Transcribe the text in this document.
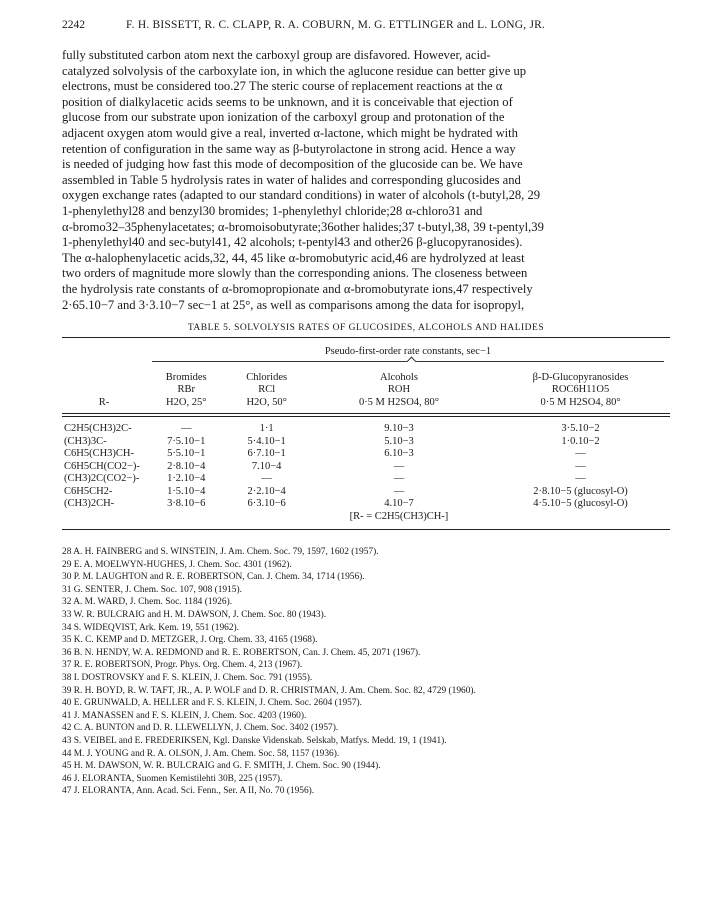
2242	F. H. BISSETT, R. C. CLAPP, R. A. COBURN, M. G. ETTLINGER and L. LONG, JR.

fully substituted carbon atom next the carboxyl group are disfavored. However, acid-

catalyzed solvolysis of the carboxylate ion, in which the aglucone residue can better give up

electrons, must be considered too.27 The steric course of replacement reactions at the α

position of dialkylacetic acids seems to be unknown, and it is conceivable that ejection of

glucose from our substrate upon ionization of the carboxyl group and protonation of the

adjacent oxygen atom would give a real, inverted α-lactone, which might be hydrated with

retention of configuration in the same way as β-butyrolactone in strong acid. Hence a way

is needed of judging how fast this mode of decomposition of the glucoside can be. We have

assembled in Table 5 hydrolysis rates in water of halides and corresponding glucosides and

oxygen exchange rates (adapted to our standard conditions) in water of alcohols (t-butyl,28, 29

1-phenylethyl28 and benzyl30 bromides; 1-phenylethyl chloride;28 α-chloro31 and

α-bromo32–35phenylacetates; α-bromoisobutyrate;36other halides;37 t-butyl,38, 39 t-pentyl,39

1-phenylethyl40 and sec-butyl41, 42 alcohols; t-pentyl43 and other26 β-glucopyranosides).

The α-halophenylacetic acids,32, 44, 45 like α-bromobutyric acid,46 are hydrolyzed at least

two orders of magnitude more slowly than the corresponding anions. The closeness between

the hydrolysis rate constants of α-bromopropionate and α-bromobutyrate ions,47 respectively

2·65.10−7 and 3·3.10−7 sec−1 at 25°, as well as comparisons among the data for isopropyl,

TABLE 5. SOLVOLYSIS RATES OF GLUCOSIDES, ALCOHOLS AND HALIDES

	Pseudo-first-order rate constants, sec−1			

	Bromides	Chlorides	Alcohols	β-D-Glucopyranosides
	RBr	RCl	ROH	ROC6H11O5
R-	H2O, 25°	H2O, 50°	0·5 M H2SO4, 80°	0·5 M H2SO4, 80°

C2H5(CH3)2C-	—	1·1	9.10−3	3·5.10−2
(CH3)3C-	7·5.10−1	5·4.10−1	5.10−3	1·0.10−2
C6H5(CH3)CH-	5·5.10−1	6·7.10−1	6.10−3	—
C6H5CH(CO2−)-	2·8.10−4	7.10−4	—	—
(CH3)2C(CO2−)-	1·2.10−4	—	—	—
C6H5CH2-	1·5.10−4	2·2.10−4	—	2·8.10−5 (glucosyl-O)
(CH3)2CH-	3·8.10−6	6·3.10−6	4.10−7	4·5.10−5 (glucosyl-O)
			[R- = C2H5(CH3)CH-]	

28 A. H. FAINBERG and S. WINSTEIN, J. Am. Chem. Soc. 79, 1597, 1602 (1957).
29 E. A. MOELWYN-HUGHES, J. Chem. Soc. 4301 (1962).
30 P. M. LAUGHTON and R. E. ROBERTSON, Can. J. Chem. 34, 1714 (1956).
31 G. SENTER, J. Chem. Soc. 107, 908 (1915).
32 A. M. WARD, J. Chem. Soc. 1184 (1926).
33 W. R. BULCRAIG and H. M. DAWSON, J. Chem. Soc. 80 (1943).
34 S. WIDEQVIST, Ark. Kem. 19, 551 (1962).
35 K. C. KEMP and D. METZGER, J. Org. Chem. 33, 4165 (1968).
36 B. N. HENDY, W. A. REDMOND and R. E. ROBERTSON, Can. J. Chem. 45, 2071 (1967).
37 R. E. ROBERTSON, Progr. Phys. Org. Chem. 4, 213 (1967).
38 I. DOSTROVSKY and F. S. KLEIN, J. Chem. Soc. 791 (1955).
39 R. H. BOYD, R. W. TAFT, JR., A. P. WOLF and D. R. CHRISTMAN, J. Am. Chem. Soc. 82, 4729 (1960).
40 E. GRUNWALD, A. HELLER and F. S. KLEIN, J. Chem. Soc. 2604 (1957).
41 J. MANASSEN and F. S. KLEIN, J. Chem. Soc. 4203 (1960).
42 C. A. BUNTON and D. R. LLEWELLYN, J. Chem. Soc. 3402 (1957).
43 S. VEIBEL and E. FREDERIKSEN, Kgl. Danske Videnskab. Selskab, Matfys. Medd. 19, 1 (1941).
44 M. J. YOUNG and R. A. OLSON, J. Am. Chem. Soc. 58, 1157 (1936).
45 H. M. DAWSON, W. R. BULCRAIG and G. F. SMITH, J. Chem. Soc. 90 (1944).
46 J. ELORANTA, Suomen Kemistilehti 30B, 225 (1957).
47 J. ELORANTA, Ann. Acad. Sci. Fenn., Ser. A II, No. 70 (1956).
